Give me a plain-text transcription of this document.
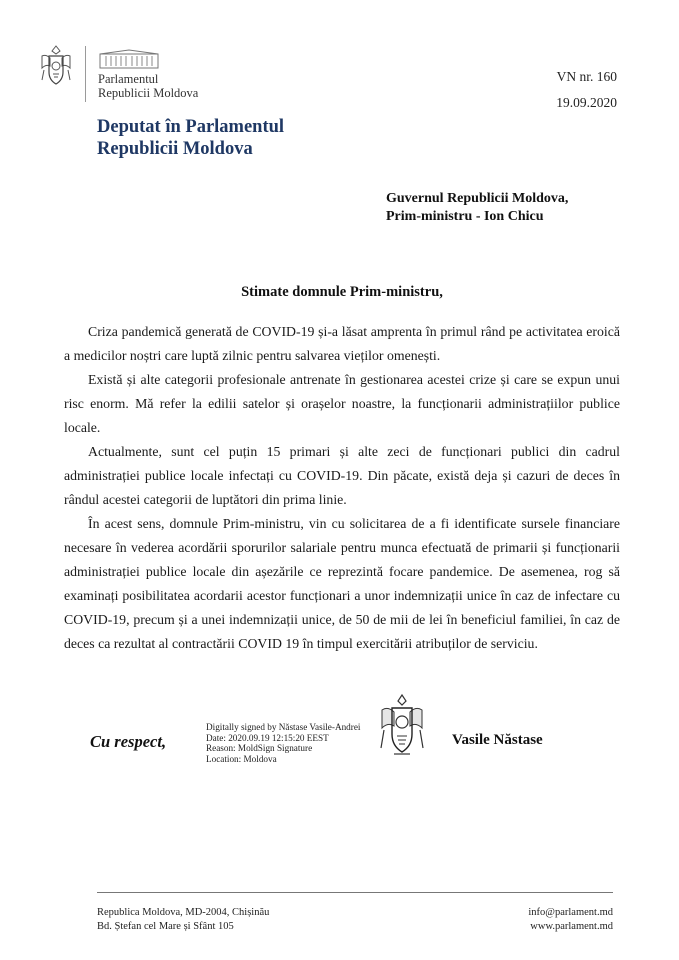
Parlamentul
Republicii Moldova
VN nr. 160
19.09.2020
Deputat în Parlamentul
Republicii Moldova
Guvernul Republicii Moldova,
Prim-ministru - Ion Chicu
Stimate domnule Prim-ministru,

Criza pandemică generată de COVID-19 și-a lăsat amprenta în primul rând pe activitatea eroică a medicilor noștri care luptă zilnic pentru salvarea vieților omenești.

Există și alte categorii profesionale antrenate în gestionarea acestei crize și care se expun unui risc enorm. Mă refer la edilii satelor și orașelor noastre, la funcționarii administrațiilor publice locale.

Actualmente, sunt cel puțin 15 primari și alte zeci de funcționari publici din cadrul administrației publice locale infectați cu COVID-19. Din păcate, există deja și cazuri de deces în rândul acestei categorii de luptători din prima linie.

În acest sens, domnule Prim-ministru, vin cu solicitarea de a fi identificate sursele financiare necesare în vederea acordării sporurilor salariale pentru munca efectuată de primarii și funcționarii administrației publice locale din așezările ce reprezintă focare pandemice. De asemenea, rog să examinați posibilitatea acordarii acestor funcționari a unor indemnizații unice în caz de infectare cu COVID-19, precum și a unei indemnizații unice, de 50 de mii de lei în beneficiul familiei, în caz de deces ca rezultat al contractării COVID 19 în timpul exercitării atribuților de serviciu.

Cu respect,
Digitally signed by Năstase Vasile-Andrei
Date: 2020.09.19 12:15:20 EEST
Reason: MoldSign Signature
Location: Moldova
Vasile Năstase
Republica Moldova, MD-2004, Chișinău
Bd. Ștefan cel Mare și Sfânt 105
info@parlament.md
www.parlament.md
